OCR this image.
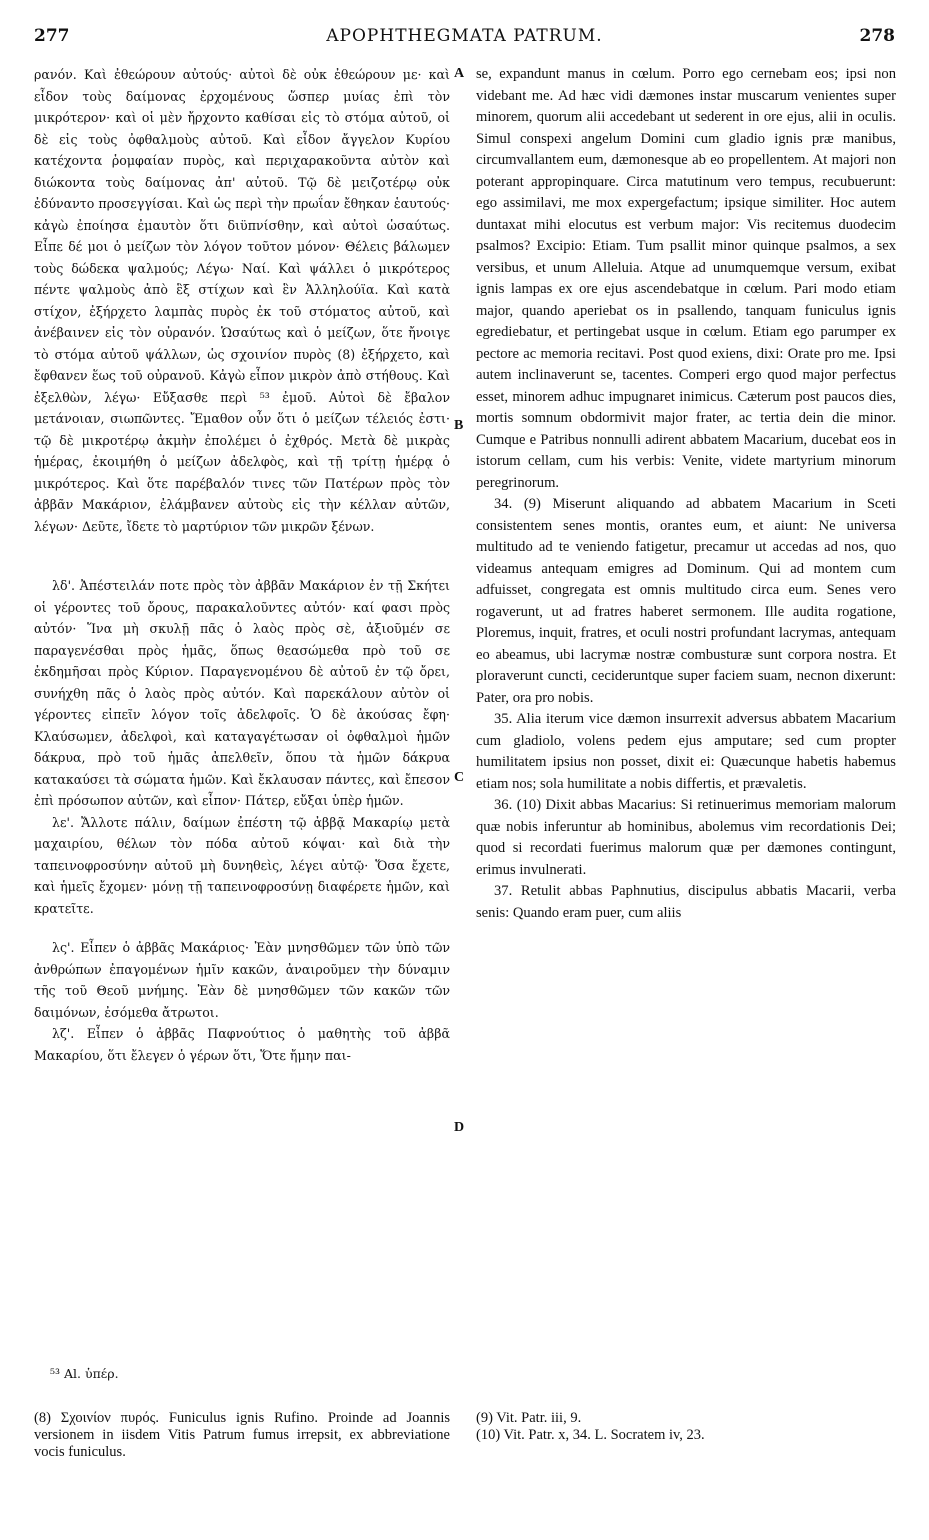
277	APOPHTHEGMATA PATRUM.	278

ρανόν. Καὶ ἐθεώρουν αὐτούς· αὐτοὶ δὲ οὐκ ἐθεώρουν με· καὶ εἶδον τοὺς δαίμονας ἐρχομένους ὥσπερ μυίας ἐπὶ τὸν μικρότερον· καὶ οἱ μὲν ἤρχοντο καθίσαι εἰς τὸ στόμα αὐτοῦ, οἱ δὲ εἰς τοὺς ὀφθαλμοὺς αὐτοῦ. Καὶ εἶδον ἄγγελον Κυρίου κατέχοντα ῥομφαίαν πυρὸς, καὶ περιχαρακοῦντα αὐτὸν καὶ διώκοντα τοὺς δαίμονας ἀπ' αὐτοῦ. Τῷ δὲ μειζοτέρῳ οὐκ ἐδύναντο προσεγγίσαι. Καὶ ὡς περὶ τὴν πρωΐαν ἔθηκαν ἑαυτούς· κἀγὼ ἐποίησα ἐμαυτὸν ὅτι διϋπνίσθην, καὶ αὐτοὶ ὡσαύτως. Εἶπε δέ μοι ὁ μείζων τὸν λόγον τοῦτον μόνον· Θέλεις βάλωμεν τοὺς δώδεκα ψαλμούς; Λέγω· Ναί. Καὶ ψάλλει ὁ μικρότερος πέντε ψαλμοὺς ἀπὸ ἓξ στίχων καὶ ἓν Ἀλληλούϊα. Καὶ κατὰ στίχον, ἐξήρχετο λαμπὰς πυρὸς ἐκ τοῦ στόματος αὐτοῦ, καὶ ἀνέβαινεν εἰς τὸν οὐρανόν. Ὡσαύτως καὶ ὁ μείζων, ὅτε ἤνοιγε τὸ στόμα αὐτοῦ ψάλλων, ὡς σχοινίον πυρὸς (8) ἐξήρχετο, καὶ ἔφθανεν ἕως τοῦ οὐρανοῦ. Κἀγὼ εἶπον μικρὸν ἀπὸ στήθους. Καὶ ἐξελθὼν, λέγω· Εὔξασθε περὶ ⁵³ ἐμοῦ. Αὐτοὶ δὲ ἔβαλον μετάνοιαν, σιωπῶντες. Ἔμαθον οὖν ὅτι ὁ μείζων τέλειός ἐστι· τῷ δὲ μικροτέρῳ ἀκμὴν ἐπολέμει ὁ ἐχθρός. Μετὰ δὲ μικρὰς ἡμέρας, ἐκοιμήθη ὁ μείζων ἀδελφὸς, καὶ τῇ τρίτῃ ἡμέρᾳ ὁ μικρότερος. Καὶ ὅτε παρέβαλόν τινες τῶν Πατέρων πρὸς τὸν ἀββᾶν Μακάριον, ἐλάμβανεν αὐτοὺς εἰς τὴν κέλλαν αὐτῶν, λέγων· Δεῦτε, ἴδετε τὸ μαρτύριον τῶν μικρῶν ξένων.

λδ'. Ἀπέστειλάν ποτε πρὸς τὸν ἀββᾶν Μακάριον ἐν τῇ Σκήτει οἱ γέροντες τοῦ ὄρους, παρακαλοῦντες αὐτόν· καί φασι πρὸς αὐτόν· Ἵνα μὴ σκυλῇ πᾶς ὁ λαὸς πρὸς σὲ, ἀξιοῦμέν σε παραγενέσθαι πρὸς ἡμᾶς, ὅπως θεασώμεθα πρὸ τοῦ σε ἐκδημῆσαι πρὸς Κύριον. Παραγενομένου δὲ αὐτοῦ ἐν τῷ ὄρει, συνήχθη πᾶς ὁ λαὸς πρὸς αὐτόν. Καὶ παρεκάλουν αὐτὸν οἱ γέροντες εἰπεῖν λόγον τοῖς ἀδελφοῖς. Ὁ δὲ ἀκούσας ἔφη· Κλαύσωμεν, ἀδελφοὶ, καὶ καταγαγέτωσαν οἱ ὀφθαλμοὶ ἡμῶν δάκρυα, πρὸ τοῦ ἡμᾶς ἀπελθεῖν, ὅπου τὰ ἡμῶν δάκρυα κατακαύσει τὰ σώματα ἡμῶν. Καὶ ἔκλαυσαν πάντες, καὶ ἔπεσον ἐπὶ πρόσωπον αὐτῶν, καὶ εἶπον· Πάτερ, εὔξαι ὑπὲρ ἡμῶν.

λε'. Ἄλλοτε πάλιν, δαίμων ἐπέστη τῷ ἀββᾷ Μακαρίῳ μετὰ μαχαιρίου, θέλων τὸν πόδα αὐτοῦ κόψαι· καὶ διὰ τὴν ταπεινοφροσύνην αὐτοῦ μὴ δυνηθεὶς, λέγει αὐτῷ· Ὅσα ἔχετε, καὶ ἡμεῖς ἔχομεν· μόνῃ τῇ ταπεινοφροσύνῃ διαφέρετε ἡμῶν, καὶ κρατεῖτε.

λς'. Εἶπεν ὁ ἀββᾶς Μακάριος· Ἐὰν μνησθῶμεν τῶν ὑπὸ τῶν ἀνθρώπων ἐπαγομένων ἡμῖν κακῶν, ἀναιροῦμεν τὴν δύναμιν τῆς τοῦ Θεοῦ μνήμης. Ἐὰν δὲ μνησθῶμεν τῶν κακῶν τῶν δαιμόνων, ἐσόμεθα ἄτρωτοι.

λζ'. Εἶπεν ὁ ἀββᾶς Παφνούτιος ὁ μαθητὴς τοῦ ἀββᾶ Μακαρίου, ὅτι ἔλεγεν ὁ γέρων ὅτι, Ὅτε ἤμην παι-

⁵³ Al. ὑπέρ.
A
B
C
D

se, expandunt manus in cœlum. Porro ego cernebam eos; ipsi non videbant me. Ad hæc vidi dæmones instar muscarum venientes super minorem, quorum alii accedebant ut sederent in ore ejus, alii in oculis. Simul conspexi angelum Domini cum gladio ignis præ manibus, circumvallantem eum, dæmonesque ab eo propellentem. At majori non poterant appropinquare. Circa matutinum vero tempus, recubuerunt: ego assimilavi, me mox expergefactum; ipsique similiter. Hoc autem duntaxat mihi elocutus est verbum major: Vis recitemus duodecim psalmos? Excipio: Etiam. Tum psallit minor quinque psalmos, a sex versibus, et unum Alleluia. Atque ad unumquemque versum, exibat ignis lampas ex ore ejus ascendebatque in cœlum. Pari modo etiam major, quando aperiebat os in psallendo, tanquam funiculus ignis egrediebatur, et pertingebat usque in cœlum. Etiam ego parumper ex pectore ac memoria recitavi. Post quod exiens, dixi: Orate pro me. Ipsi autem inclinaverunt se, tacentes. Comperi ergo quod major perfectus esset, minorem adhuc impugnaret inimicus. Cæterum post paucos dies, mortis somnum obdormivit major frater, ac tertia dein die minor. Cumque e Patribus nonnulli adirent abbatem Macarium, ducebat eos in istorum cellam, cum his verbis: Venite, videte martyrium minorum peregrinorum.

34. (9) Miserunt aliquando ad abbatem Macarium in Sceti consistentem senes montis, orantes eum, et aiunt: Ne universa multitudo ad te veniendo fatigetur, precamur ut accedas ad nos, quo videamus antequam emigres ad Dominum. Qui ad montem cum adfuisset, congregata est omnis multitudo circa eum. Senes vero rogaverunt, ut ad fratres haberet sermonem. Ille audita rogatione, Ploremus, inquit, fratres, et oculi nostri profundant lacrymas, antequam eo abeamus, ubi lacrymæ nostræ combusturæ sunt corpora nostra. Et ploraverunt cuncti, cecideruntque super faciem suam, necnon dixerunt: Pater, ora pro nobis.

35. Alia iterum vice dæmon insurrexit adversus abbatem Macarium cum gladiolo, volens pedem ejus amputare; sed cum propter humilitatem ipsius non posset, dixit ei: Quæcunque habetis habemus etiam nos; sola humilitate a nobis differtis, et prævaletis.

36. (10) Dixit abbas Macarius: Si retinuerimus memoriam malorum quæ nobis inferuntur ab hominibus, abolemus vim recordationis Dei; quod si recordati fuerimus malorum quæ per dæmones contingunt, erimus invulnerati.

37. Retulit abbas Paphnutius, discipulus abbatis Macarii, verba senis: Quando eram puer, cum aliis

(8) Σχοινίον πυρός. Funiculus ignis Rufino. Proinde ad Joannis versionem in iisdem Vitis Patrum fumus irrepsit, ex abbreviatione vocis funiculus.
(9) Vit. Patr. iii, 9.
(10) Vit. Patr. x, 34. L. Socratem iv, 23.
